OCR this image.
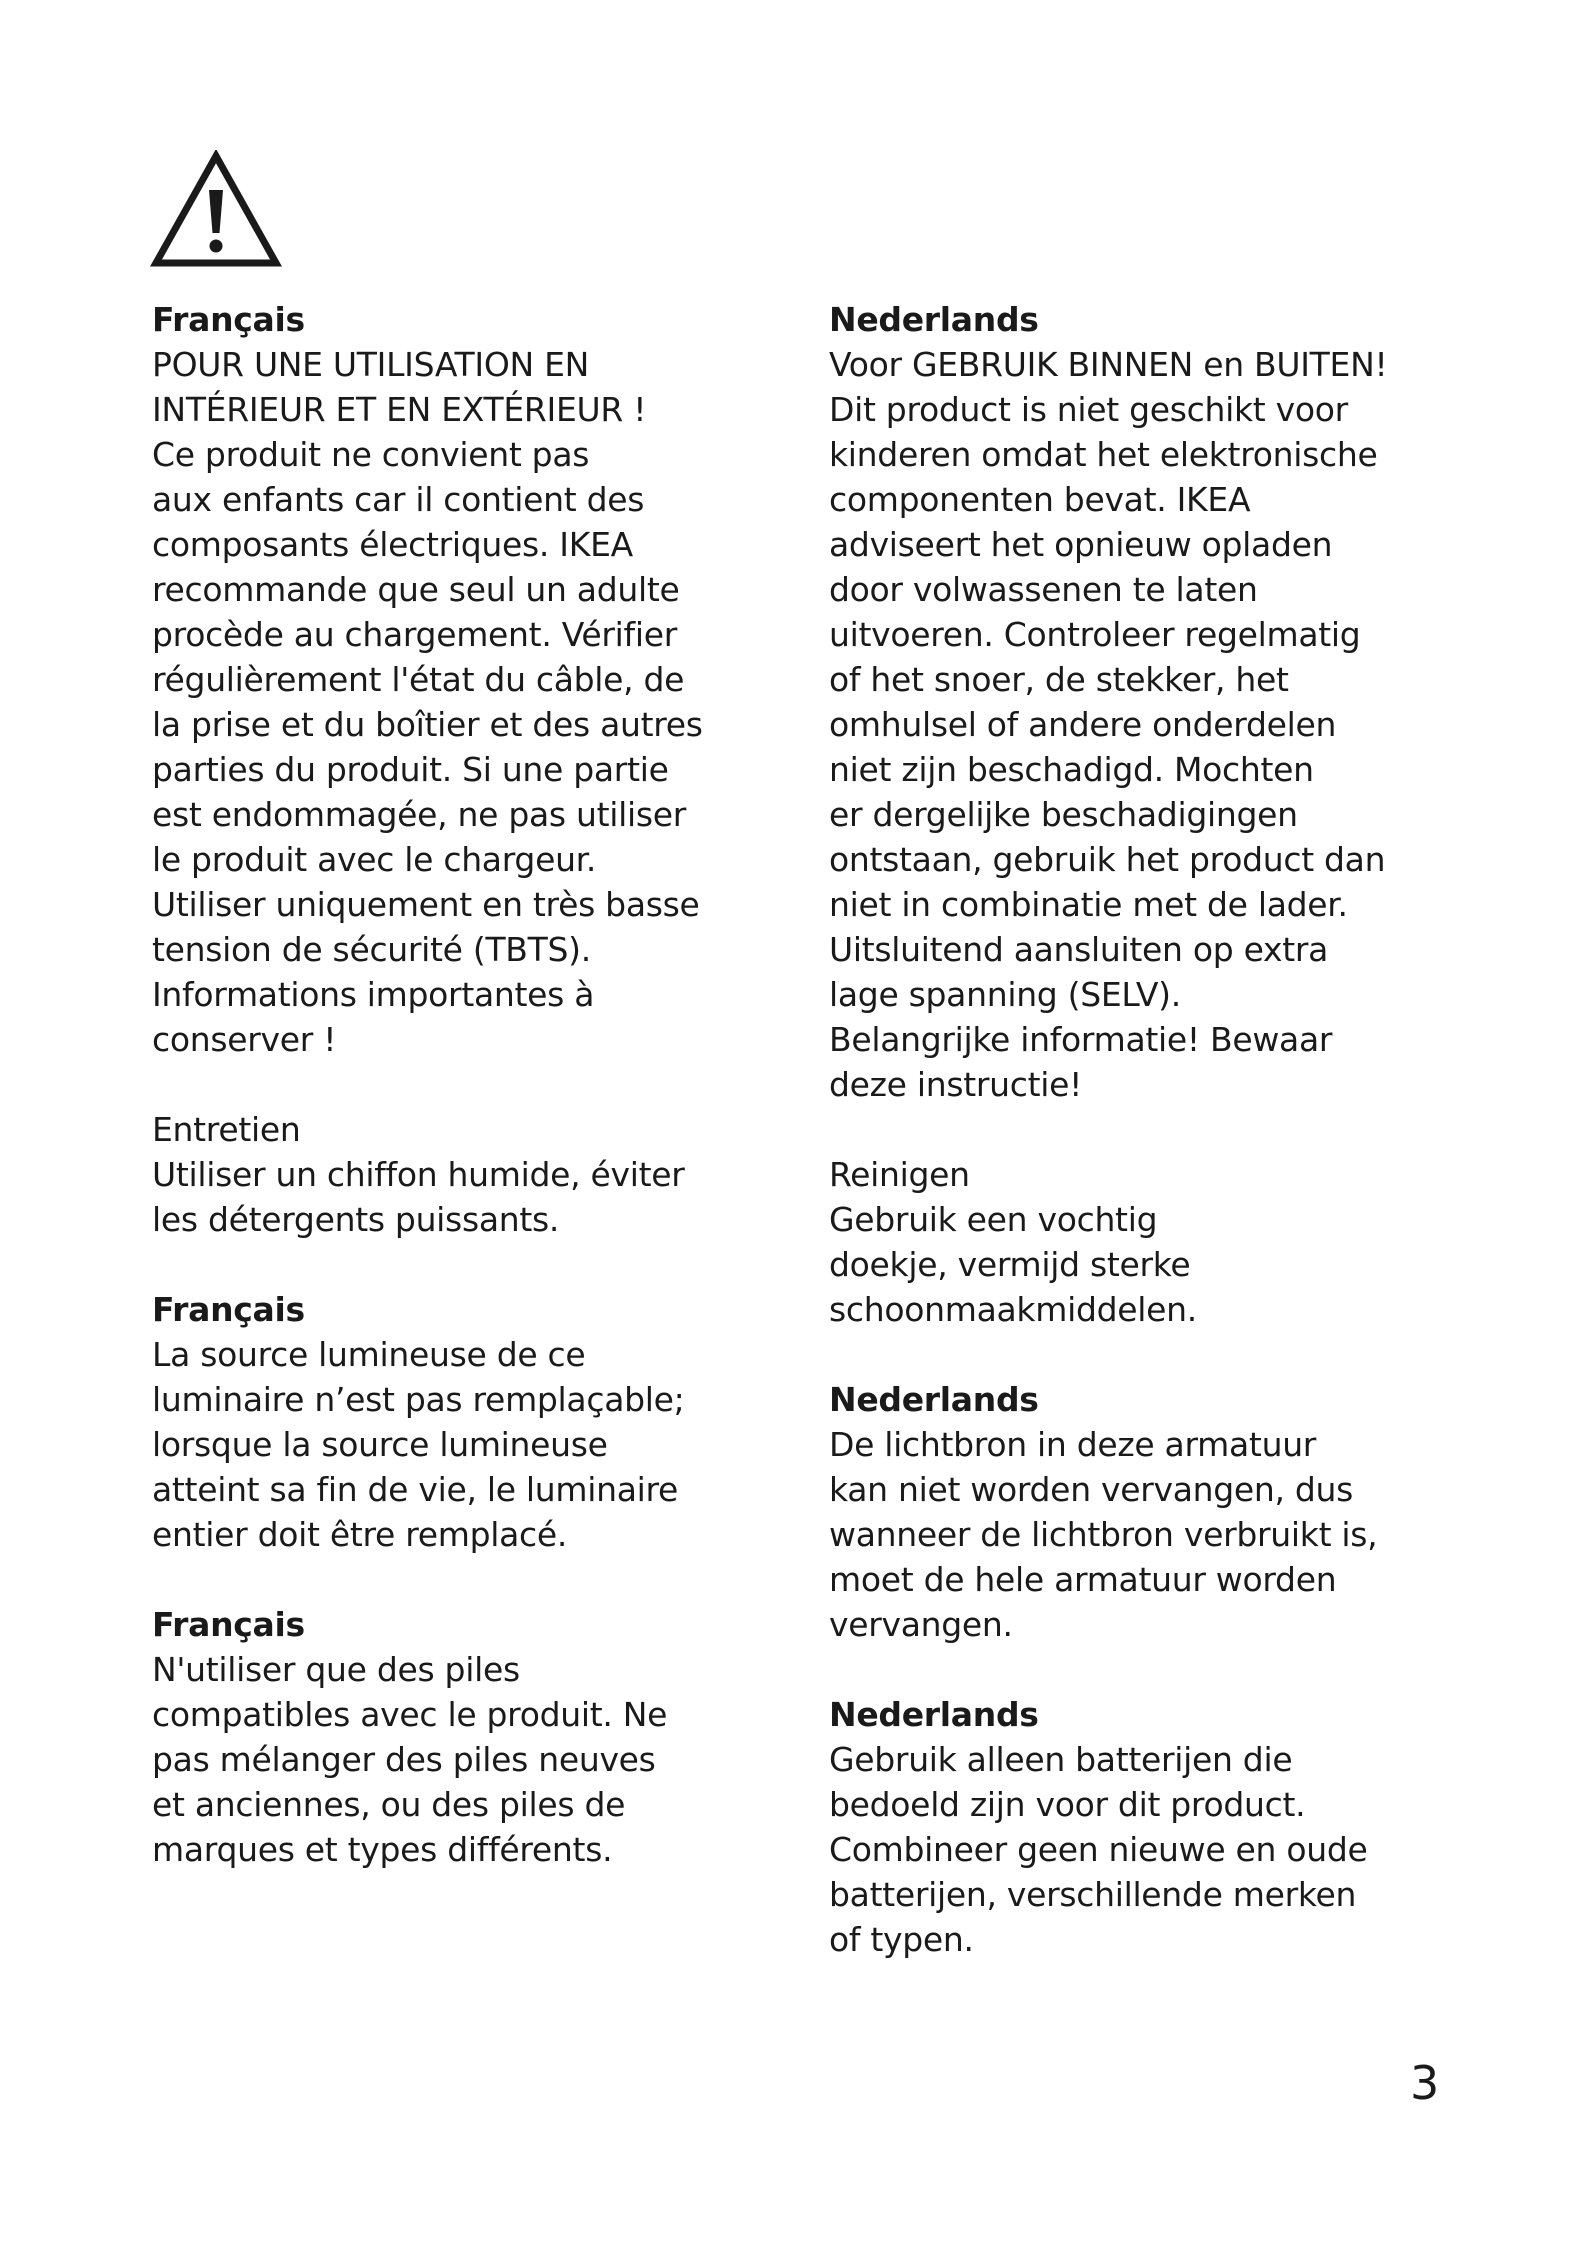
Français
POUR UNE UTILISATION EN
INTÉRIEUR ET EN EXTÉRIEUR !
Ce produit ne convient pas
aux enfants car il contient des
composants électriques. IKEA
recommande que seul un adulte
procède au chargement. Vérifier
régulièrement l'état du câble, de
la prise et du boîtier et des autres
parties du produit. Si une partie
est endommagée, ne pas utiliser
le produit avec le chargeur.
Utiliser uniquement en très basse
tension de sécurité (TBTS).
Informations importantes à
conserver !
Entretien
Utiliser un chiffon humide, éviter
les détergents puissants.
Français
La source lumineuse de ce
luminaire n’est pas remplaçable;
lorsque la source lumineuse
atteint sa fin de vie, le luminaire
entier doit être remplacé.
Français
N'utiliser que des piles
compatibles avec le produit. Ne
pas mélanger des piles neuves
et anciennes, ou des piles de
marques et types différents.
Nederlands
Voor GEBRUIK BINNEN en BUITEN!
Dit product is niet geschikt voor
kinderen omdat het elektronische
componenten bevat. IKEA
adviseert het opnieuw opladen
door volwassenen te laten
uitvoeren. Controleer regelmatig
of het snoer, de stekker, het
omhulsel of andere onderdelen
niet zijn beschadigd. Mochten
er dergelijke beschadigingen
ontstaan, gebruik het product dan
niet in combinatie met de lader.
Uitsluitend aansluiten op extra
lage spanning (SELV).
Belangrijke informatie! Bewaar
deze instructie!
Reinigen
Gebruik een vochtig
doekje, vermijd sterke
schoonmaakmiddelen.
Nederlands
De lichtbron in deze armatuur
kan niet worden vervangen, dus
wanneer de lichtbron verbruikt is,
moet de hele armatuur worden
vervangen.
Nederlands
Gebruik alleen batterijen die
bedoeld zijn voor dit product.
Combineer geen nieuwe en oude
batterijen, verschillende merken
of typen.
3
